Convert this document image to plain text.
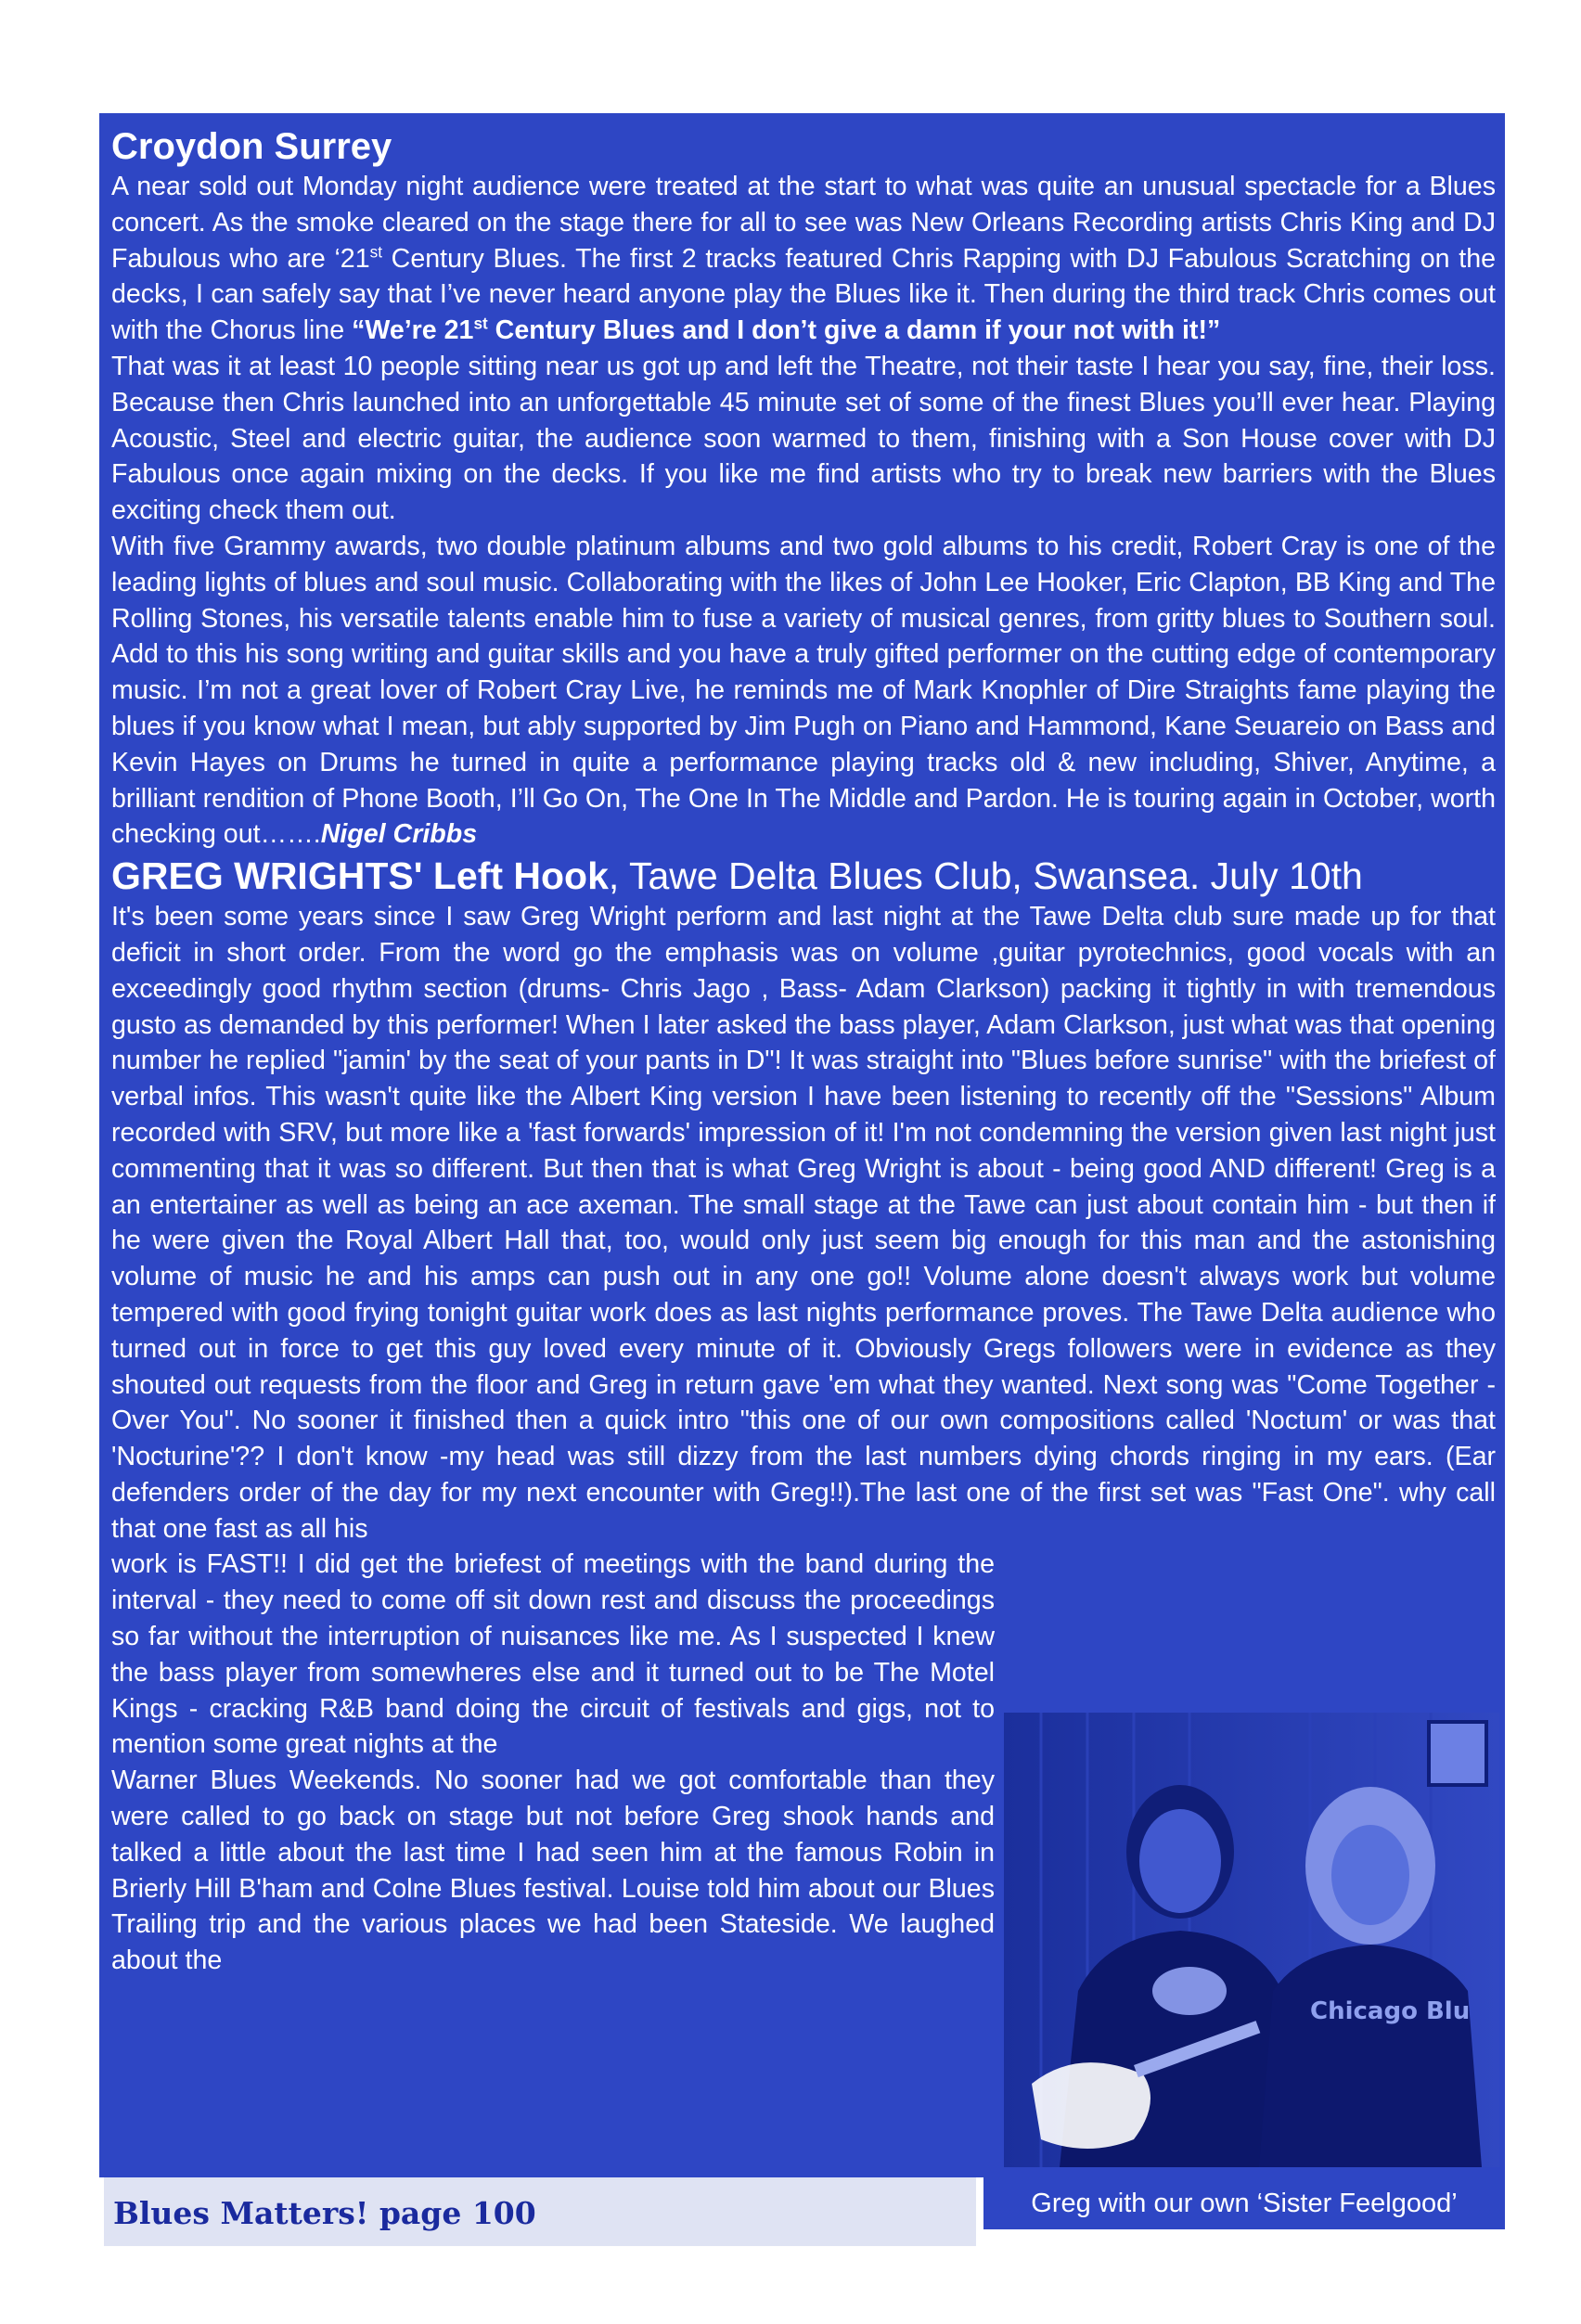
Croydon Surrey

A near sold out Monday night audience were treated at the start to what was quite an unusual spectacle for a Blues concert. As the smoke cleared on the stage there for all to see was New Orleans Recording artists Chris King and DJ Fabulous who are ‘21st Century Blues. The first 2 tracks featured Chris Rapping with DJ Fabulous Scratching on the decks, I can safely say that I’ve never heard anyone play the Blues like it. Then during the third track Chris comes out with the Chorus line “We’re 21st Century Blues and I don’t give a damn if your not with it!”

That was it at least 10 people sitting near us got up and left the Theatre, not their taste I hear you say, fine, their loss. Because then Chris launched into an unforgettable 45 minute set of some of the finest Blues you’ll ever hear. Playing Acoustic, Steel and electric guitar, the audience soon warmed to them, finishing with a Son House cover with DJ Fabulous once again mixing on the decks. If you like me find artists who try to break new barriers with the Blues exciting check them out.

With five Grammy awards, two double platinum albums and two gold albums to his credit, Robert Cray is one of the leading lights of blues and soul music. Collaborating with the likes of John Lee Hooker, Eric Clapton, BB King and The Rolling Stones, his versatile talents enable him to fuse a variety of musical genres, from gritty blues to Southern soul. Add to this his song writing and guitar skills and you have a truly gifted performer on the cutting edge of contemporary music. I’m not a great lover of Robert Cray Live, he reminds me of Mark Knophler of Dire Straights fame playing the blues if you know what I mean, but ably supported by Jim Pugh on Piano and Hammond, Kane Seuareio on Bass and Kevin Hayes on Drums he turned in quite a performance playing tracks old & new including, Shiver, Anytime, a brilliant rendition of Phone Booth, I’ll Go On, The One In The Middle and Pardon. He is touring again in October, worth checking out…….Nigel Cribbs

GREG WRIGHTS' Left Hook, Tawe Delta Blues Club, Swansea. July 10th

It's been some years since I saw Greg Wright perform and last night at the Tawe Delta club sure made up for that deficit in short order. From the word go the emphasis was on volume ,guitar pyrotechnics, good vocals with an exceedingly good rhythm section (drums- Chris Jago , Bass- Adam Clarkson) packing it tightly in with tremendous gusto as demanded by this performer! When I later asked the bass player, Adam Clarkson, just what was that opening number he replied "jamin' by the seat of your pants in D"! It was straight into "Blues before sunrise" with the briefest of verbal infos. This wasn't quite like the Albert King version I have been listening to recently off the "Sessions" Album recorded with SRV, but more like a 'fast forwards' impression of it! I'm not condemning the version given last night just commenting that it was so different. But then that is what Greg Wright is about - being good AND different! Greg is a an entertainer as well as being an ace axeman. The small stage at the Tawe can just about contain him - but then if he were given the Royal Albert Hall that, too, would only just seem big enough for this man and the astonishing volume of music he and his amps can push out in any one go!! Volume alone doesn't always work but volume tempered with good frying tonight guitar work does as last nights performance proves. The Tawe Delta audience who turned out in force to get this guy loved every minute of it. Obviously Gregs followers were in evidence as they shouted out requests from the floor and Greg in return gave 'em what they wanted. Next song was "Come Together - Over You". No sooner it finished then a quick intro "this one of our own compositions called 'Noctum' or was that 'Nocturine'?? I don't know -my head was still dizzy from the last numbers dying chords ringing in my ears. (Ear defenders order of the day for my next encounter with Greg!!).The last one of the first set was "Fast One". why call that one fast as all his

work is FAST!! I did get the briefest of meetings with the band during the interval - they need to come off sit down rest and discuss the proceedings so far without the interruption of nuisances like me. As I suspected I knew the bass player from somewheres else and it turned out to be The Motel Kings - cracking R&B band doing the circuit of festivals and gigs, not to mention some great nights at the

Warner Blues Weekends. No sooner had we got comfortable than they were called to go back on stage but not before Greg shook hands and talked a little about the last time I had seen him at the famous Robin in Brierly Hill B'ham and Colne Blues festival. Louise told him about our Blues Trailing trip and the various places we had been Stateside. We laughed about the

Chicago Blu
Greg with our own ‘Sister Feelgood’
Blues Matters! page 100
